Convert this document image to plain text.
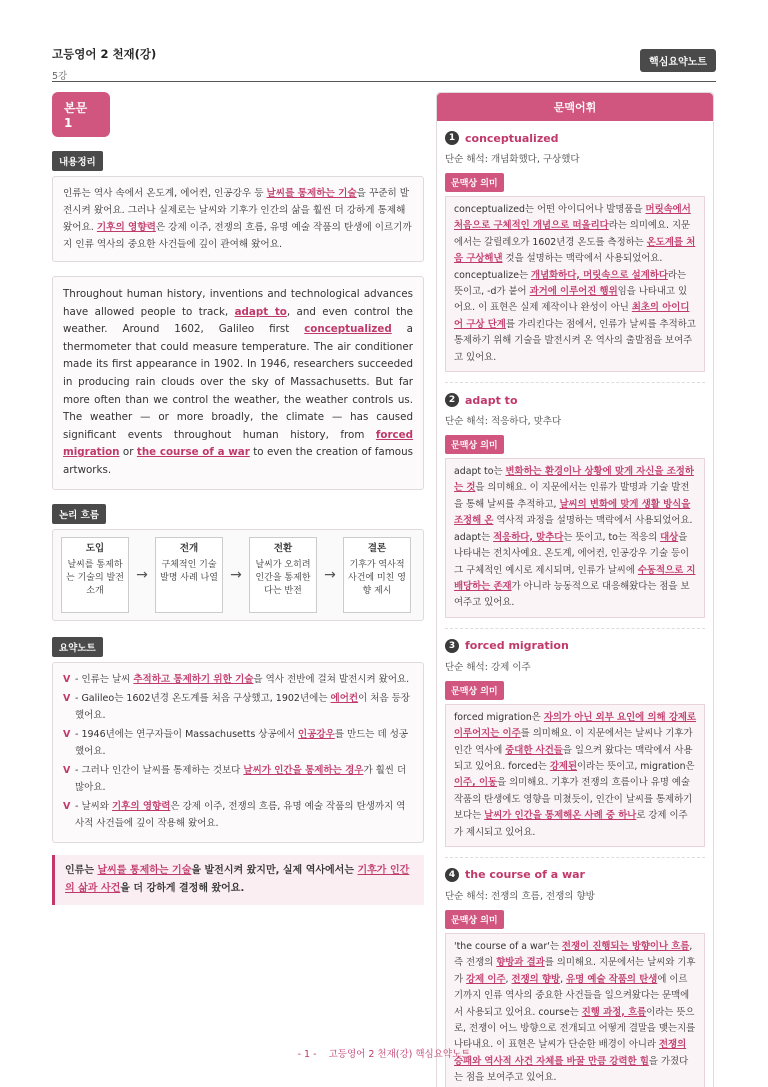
고등영어 2 천재(강)
5강
핵심요약노트
본문 1
내용정리
인류는 역사 속에서 온도계, 에어컨, 인공강우 등 날씨를 통제하는 기술을 꾸준히 발전시켜 왔어요. 그러나 실제로는 날씨와 기후가 인간의 삶을 훨씬 더 강하게 통제해 왔어요. 기후의 영향력은 강제 이주, 전쟁의 흐름, 유명 예술 작품의 탄생에 이르기까지 인류 역사의 중요한 사건들에 깊이 관여해 왔어요.
Throughout human history, inventions and technological advances have allowed people to track, adapt to, and even control the weather. Around 1602, Galileo first conceptualized a thermometer that could measure temperature. The air conditioner made its first appearance in 1902. In 1946, researchers succeeded in producing rain clouds over the sky of Massachusetts. But far more often than we control the weather, the weather controls us. The weather — or more broadly, the climate — has caused significant events throughout human history, from forced migration or the course of a war to even the creation of famous artworks.
논리 흐름
도입
날씨를 통제하는 기술의 발전 소개
→
전개
구체적인 기술 발명 사례 나열 →
전환
날씨가 오히려 인간을 통제한다는 반전
→
결론
기후가 역사적 사건에 미친 영향 제시
요약노트
V - 인류는 날씨 추적하고 통제하기 위한 기술을 역사 전반에 걸쳐 발전시켜 왔어요.
V - Galileo는 1602년경 온도계를 처음 구상했고, 1902년에는 에어컨이 처음 등장했어요.
V - 1946년에는 연구자들이 Massachusetts 상공에서 인공강우를 만드는 데 성공했어요.
V - 그러나 인간이 날씨를 통제하는 것보다 날씨가 인간을 통제하는 경우가 훨씬 더 많아요.
V - 날씨와 기후의 영향력은 강제 이주, 전쟁의 흐름, 유명 예술 작품의 탄생까지 역사적 사건들에 깊이 작용해 왔어요.
인류는 날씨를 통제하는 기술을 발전시켜 왔지만, 실제 역사에서는 기후가 인간의 삶과 사건을 더 강하게 결정해 왔어요.
문맥어휘
1 conceptualized
단순 해석: 개념화했다, 구상했다
문맥상 의미
conceptualized는 어떤 아이디어나 발명품을 머릿속에서 처음으로 구체적인 개념으로 떠올리다라는 의미예요. 지문에서는 갈릴레오가 1602년경 온도를 측정하는 온도계를 처음 구상해낸 것을 설명하는 맥락에서 사용되었어요. conceptualize는 개념화하다, 머릿속으로 설계하다라는 뜻이고, -d가 붙어 과거에 이루어진 행위임을 나타내고 있어요. 이 표현은 실제 제작이나 완성이 아닌 최초의 아이디어 구상 단계를 가리킨다는 점에서, 인류가 날씨를 추적하고 통제하기 위해 기술을 발전시켜 온 역사의 출발점을 보여주고 있어요.
2 adapt to
단순 해석: 적응하다, 맞추다
문맥상 의미
adapt to는 변화하는 환경이나 상황에 맞게 자신을 조정하는 것을 의미해요. 이 지문에서는 인류가 발명과 기술 발전을 통해 날씨를 추적하고, 날씨의 변화에 맞게 생활 방식을 조정해 온 역사적 과정을 설명하는 맥락에서 사용되었어요. adapt는 적응하다, 맞추다는 뜻이고, to는 적응의 대상을 나타내는 전치사예요. 온도계, 에어컨, 인공강우 기술 등이 그 구체적인 예시로 제시되며, 인류가 날씨에 수동적으로 지배당하는 존재가 아니라 능동적으로 대응해왔다는 점을 보여주고 있어요.
3 forced migration
단순 해석: 강제 이주
문맥상 의미
forced migration은 자의가 아닌 외부 요인에 의해 강제로 이루어지는 이주를 의미해요. 이 지문에서는 날씨나 기후가 인간 역사에 중대한 사건들을 일으켜 왔다는 맥락에서 사용되고 있어요. forced는 강제된이라는 뜻이고, migration은 이주, 이동을 의미해요. 기후가 전쟁의 흐름이나 유명 예술 작품의 탄생에도 영향을 미쳤듯이, 인간이 날씨를 통제하기보다는 날씨가 인간을 통제해온 사례 중 하나로 강제 이주가 제시되고 있어요.
4 the course of a war
단순 해석: 전쟁의 흐름, 전쟁의 향방
문맥상 의미
'the course of a war'는 전쟁이 진행되는 방향이나 흐름, 즉 전쟁의 향방과 결과를 의미해요. 지문에서는 날씨와 기후가 강제 이주, 전쟁의 향방, 유명 예술 작품의 탄생에 이르기까지 인류 역사의 중요한 사건들을 일으켜왔다는 문맥에서 사용되고 있어요. course는 진행 과정, 흐름이라는 뜻으로, 전쟁이 어느 방향으로 전개되고 어떻게 결말을 맺는지를 나타내요. 이 표현은 날씨가 단순한 배경이 아니라 전쟁의 승패와 역사적 사건 자체를 바꿀 만큼 강력한 힘을 가졌다는 점을 보여주고 있어요.
- 1 - 고등영어 2 천재(강) 핵심요약노트
